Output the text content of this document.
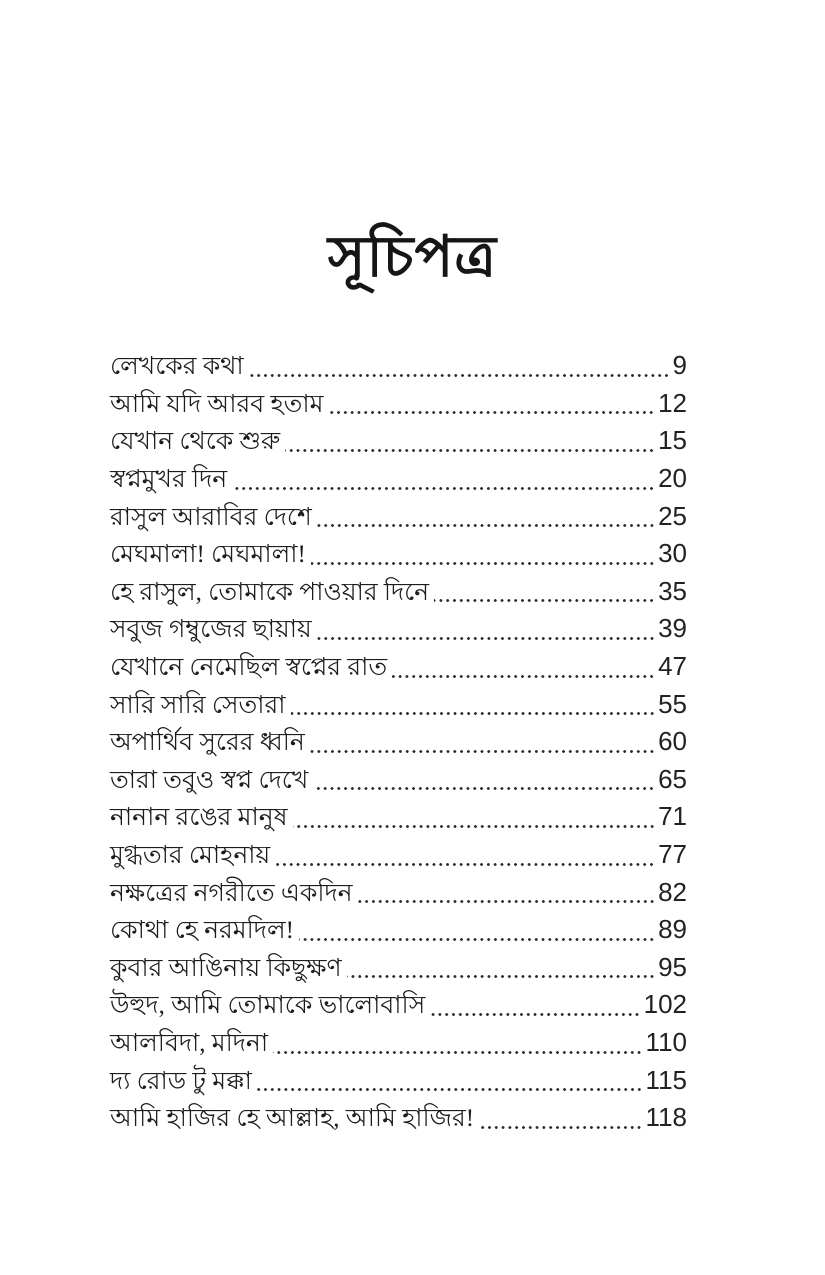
সূচিপত্র
লেখকের কথা	9
আমি যদি আরব হতাম	12
যেখান থেকে শুরু	15
স্বপ্নমুখর দিন	20
রাসুল আরাবির দেশে	25
মেঘমালা! মেঘমালা!	30
হে রাসুল, তোমাকে পাওয়ার দিনে	35
সবুজ গম্বুজের ছায়ায়	39
যেখানে নেমেছিল স্বপ্নের রাত	47
সারি সারি সেতারা	55
অপার্থিব সুরের ধ্বনি	60
তারা তবুও স্বপ্ন দেখে	65
নানান রঙের মানুষ	71
মুগ্ধতার মোহনায়	77
নক্ষত্রের নগরীতে একদিন	82
কোথা হে নরমদিল!	89
কুবার আঙিনায় কিছুক্ষণ	95
উহুদ, আমি তোমাকে ভালোবাসি	102
আলবিদা, মদিনা	110
দ্য রোড টু মক্কা	115
আমি হাজির হে আল্লাহ, আমি হাজির!	118
